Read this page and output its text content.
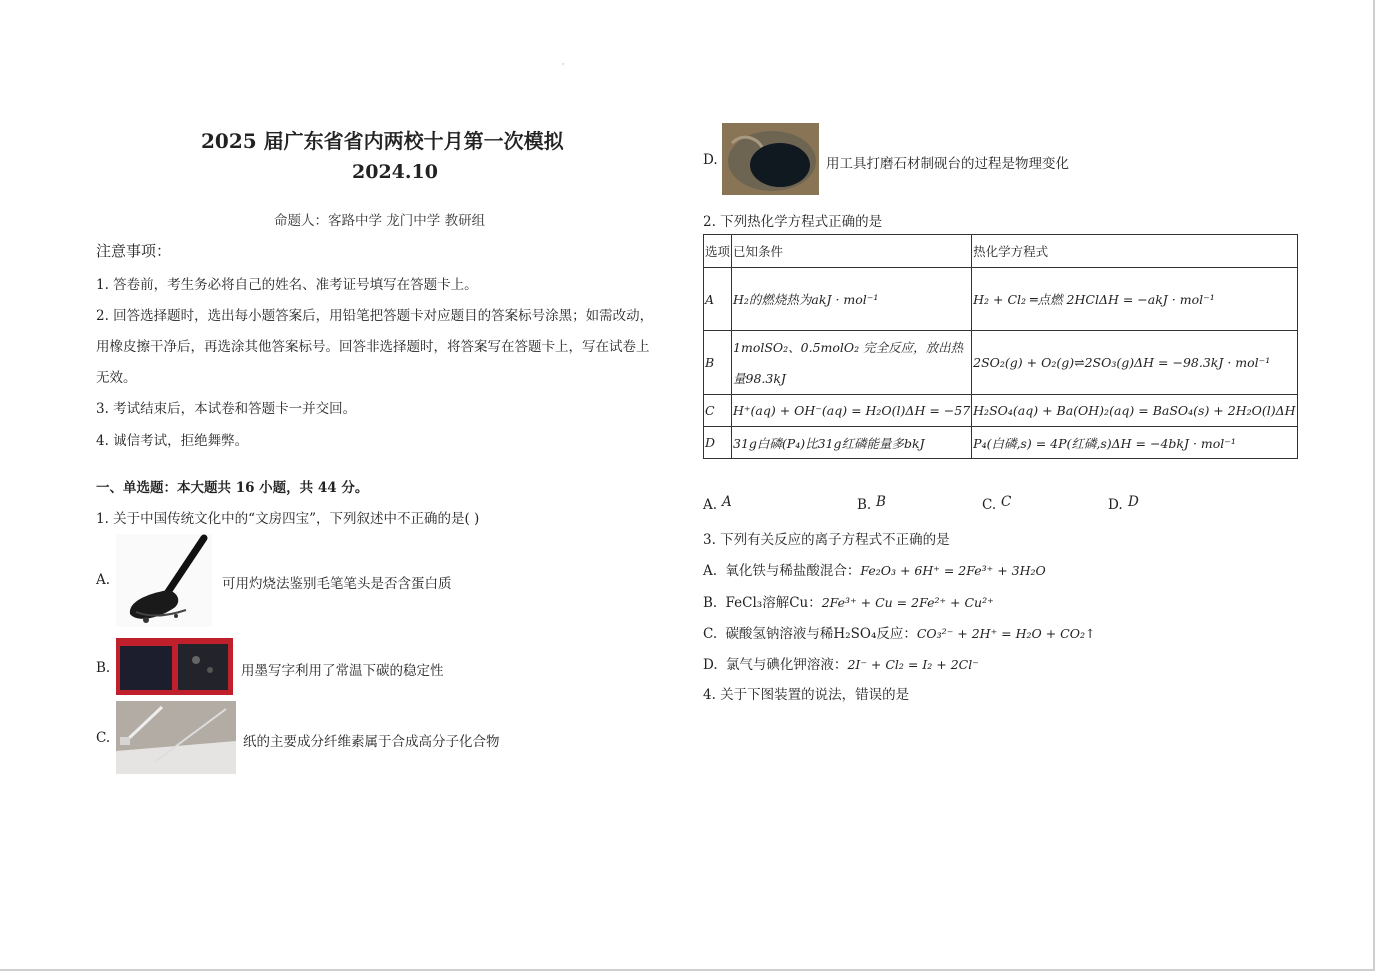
·
2025 届广东省省内两校十月第一次模拟
2024.10
命题人：客路中学 龙门中学 教研组
注意事项：
1. 答卷前，考生务必将自己的姓名、准考证号填写在答题卡上。
2. 回答选择题时，选出每小题答案后，用铅笔把答题卡对应题目的答案标号涂黑；如需改动，
用橡皮擦干净后，再选涂其他答案标号。回答非选择题时，将答案写在答题卡上，写在试卷上
无效。
3. 考试结束后，本试卷和答题卡一并交回。
4. 诚信考试，拒绝舞弊。
一、单选题：本大题共 16 小题，共 44 分。
1. 关于中国传统文化中的“文房四宝”，下列叙述中不正确的是( )
A.	可用灼烧法鉴别毛笔笔头是否含蛋白质
B.	用墨写字利用了常温下碳的稳定性
C.	纸的主要成分纤维素属于合成高分子化合物
D.	用工具打磨石材制砚台的过程是物理变化
2. 下列热化学方程式正确的是
选项	已知条件	热化学方程式
A	H₂的燃烧热为akJ · mol⁻¹	H₂ + Cl₂ ═点燃 2HClΔH = −akJ · mol⁻¹
B	1molSO₂、0.5molO₂ 完全反应，放出热
量98.3kJ	2SO₂(g) + O₂(g)⇌2SO₃(g)ΔH = −98.3kJ · mol⁻¹
C	H⁺(aq) + OH⁻(aq) = H₂O(l)ΔH = −57	H₂SO₄(aq) + Ba(OH)₂(aq) = BaSO₄(s) + 2H₂O(l)ΔH
D	31g白磷(P₄)比31g红磷能量多bkJ	P₄(白磷,s) = 4P(红磷,s)ΔH = −4bkJ · mol⁻¹
A. A	B. B	C. C	D. D
3. 下列有关反应的离子方程式不正确的是
A. 氧化铁与稀盐酸混合：Fe₂O₃ + 6H⁺ = 2Fe³⁺ + 3H₂O
B. FeCl₃溶解Cu：2Fe³⁺ + Cu = 2Fe²⁺ + Cu²⁺
C. 碳酸氢钠溶液与稀H₂SO₄反应：CO₃²⁻ + 2H⁺ = H₂O + CO₂↑
D. 氯气与碘化钾溶液：2I⁻ + Cl₂ = I₂ + 2Cl⁻
4. 关于下图装置的说法，错误的是
